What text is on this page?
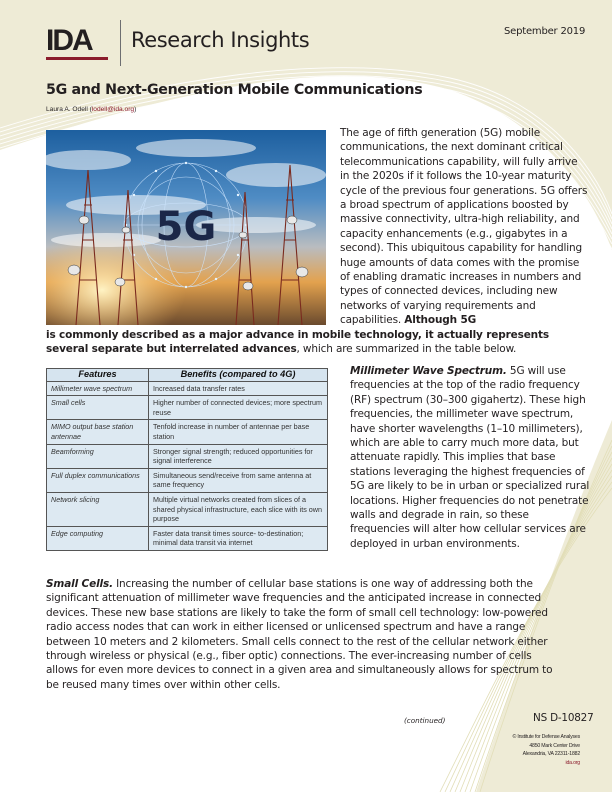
IDA Research Insights	September 2019
5G and Next-Generation Mobile Communications
Laura A. Odell (lodell@ida.org)
5G

The age of fifth generation (5G) mobile communications, the next dominant critical telecommunications capability, will fully arrive in the 2020s if it follows the 10-year maturity cycle of the previous four generations. 5G offers a broad spectrum of applications boosted by massive connectivity, ultra-high reliability, and capacity enhancements (e.g., gigabytes in a second). This ubiquitous capability for handling huge amounts of data comes with the promise of enabling dramatic increases in numbers and types of connected devices, including new networks of varying requirements and capabilities. Although 5G

is commonly described as a major advance in mobile technology, it actually represents several separate but interrelated advances, which are summarized in the table below.

Features	Benefits (compared to 4G)
Millimeter wave spectrum	Increased data transfer rates
Small cells	Higher number of connected devices; more spectrum reuse
MIMO output base station antennae	Tenfold increase in number of antennae per base station
Beamforming	Stronger signal strength; reduced opportunities for signal interference
Full duplex communications	Simultaneous send/receive from same antenna at same frequency
Network slicing	Multiple virtual networks created from slices of a shared physical infrastructure, each slice with its own purpose
Edge computing	Faster data transit times source- to-destination; minimal data transit via internet

Millimeter Wave Spectrum. 5G will use frequencies at the top of the radio frequency (RF) spectrum (30–300 gigahertz). These high frequencies, the millimeter wave spectrum, have shorter wavelengths (1–10 millimeters), which are able to carry much more data, but attenuate rapidly. This implies that base stations leveraging the highest frequencies of 5G are likely to be in urban or specialized rural locations. Higher frequencies do not penetrate walls and degrade in rain, so these frequencies will alter how cellular services are deployed in urban environments.

Small Cells. Increasing the number of cellular base stations is one way of addressing both the significant attenuation of millimeter wave frequencies and the anticipated increase in connected devices. These new base stations are likely to take the form of small cell technology: low-powered radio access nodes that can work in either licensed or unlicensed spectrum and have a range between 10 meters and 2 kilometers. Small cells connect to the rest of the cellular network either through wireless or physical (e.g., fiber optic) connections. The ever-increasing number of cells allows for even more devices to connect in a given area and simultaneously allows for spectrum to be reused many times over within other cells.

(continued)	NS D-10827
© Institute for Defense Analyses
4850 Mark Center Drive
Alexandria, VA 22311-1882
ida.org
